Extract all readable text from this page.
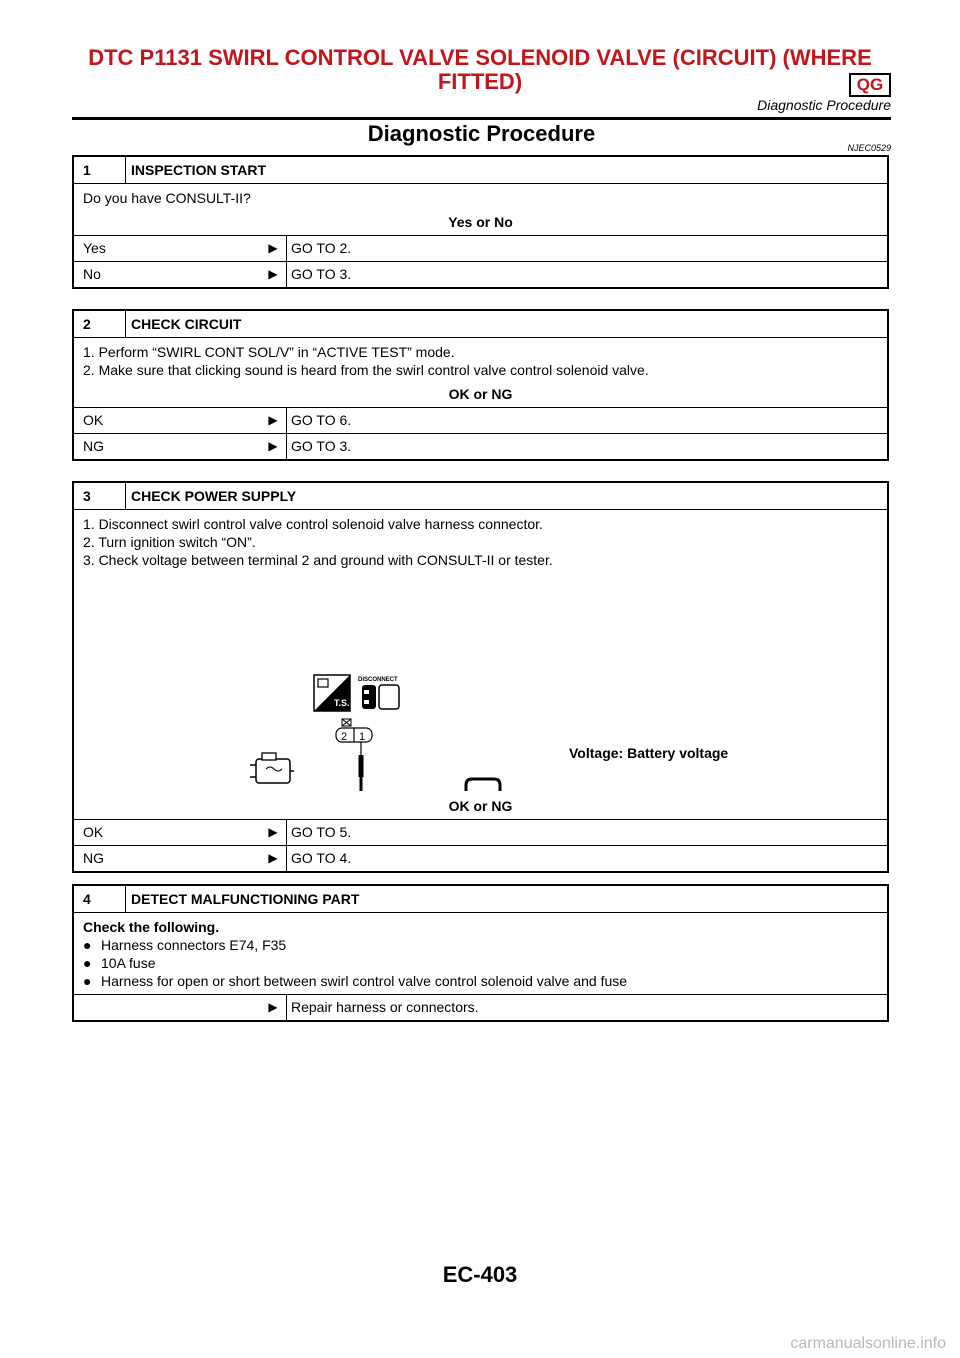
DTC P1131 SWIRL CONTROL VALVE SOLENOID VALVE (CIRCUIT) (WHERE
FITTED)	QG
Diagnostic Procedure
Diagnostic Procedure
NJEC0529
1	INSPECTION START
Do you have CONSULT-II?
Yes or No
Yes	▶ GO TO 2.
No	▶ GO TO 3.
2	CHECK CIRCUIT
1. Perform “SWIRL CONT SOL/V” in “ACTIVE TEST” mode.
2. Make sure that clicking sound is heard from the swirl control valve control solenoid valve.
OK or NG
OK	▶ GO TO 6.
NG	▶ GO TO 3.
3	CHECK POWER SUPPLY
1. Disconnect swirl control valve control solenoid valve harness connector.
2. Turn ignition switch “ON”.
3. Check voltage between terminal 2 and ground with CONSULT-II or tester.
T.S.
DISCONNECT
2 1
Voltage: Battery voltage
OK or NG
OK	▶ GO TO 5.
NG	▶ GO TO 4.
4	DETECT MALFUNCTIONING PART
Check the following.
● Harness connectors E74, F35
● 10A fuse
● Harness for open or short between swirl control valve control solenoid valve and fuse
▶ Repair harness or connectors.
EC-403
carmanualsonline.info
